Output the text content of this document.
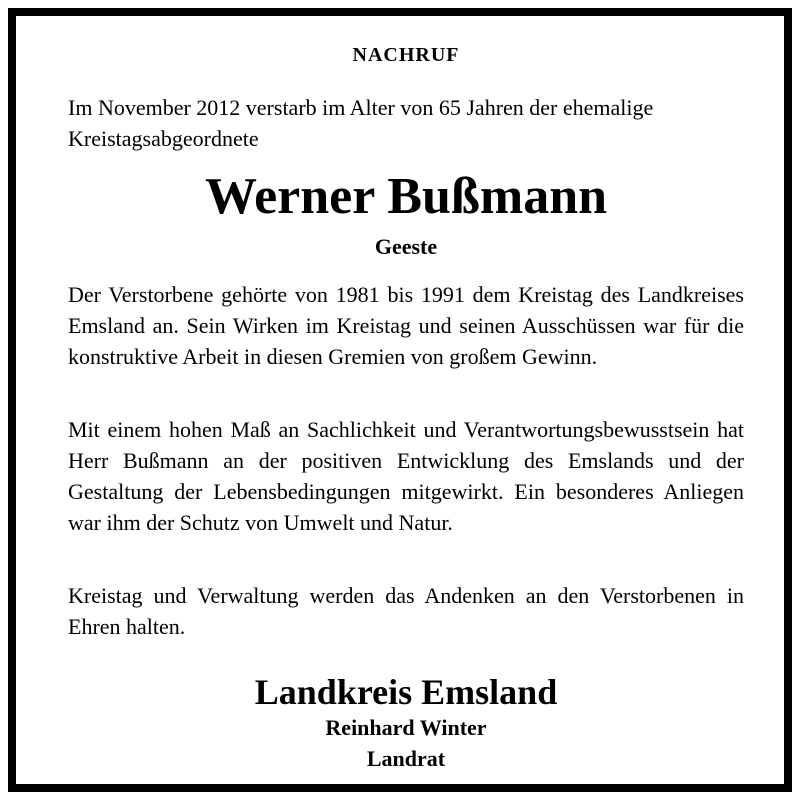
NACHRUF
Im November 2012 verstarb im Alter von 65 Jahren der ehemalige Kreistagsabgeordnete
Werner Bußmann
Geeste

Der Verstorbene gehörte von 1981 bis 1991 dem Kreistag des Landkreises Emsland an. Sein Wirken im Kreistag und seinen Ausschüssen war für die konstruktive Arbeit in diesen Gremien von großem Gewinn.

Mit einem hohen Maß an Sachlichkeit und Verantwortungsbewusstsein hat Herr Bußmann an der positiven Entwicklung des Emslands und der Gestaltung der Lebensbedingungen mitgewirkt. Ein besonderes Anliegen war ihm der Schutz von Umwelt und Natur.

Kreistag und Verwaltung werden das Andenken an den Verstorbenen in Ehren halten.

Landkreis Emsland
Reinhard Winter
Landrat
